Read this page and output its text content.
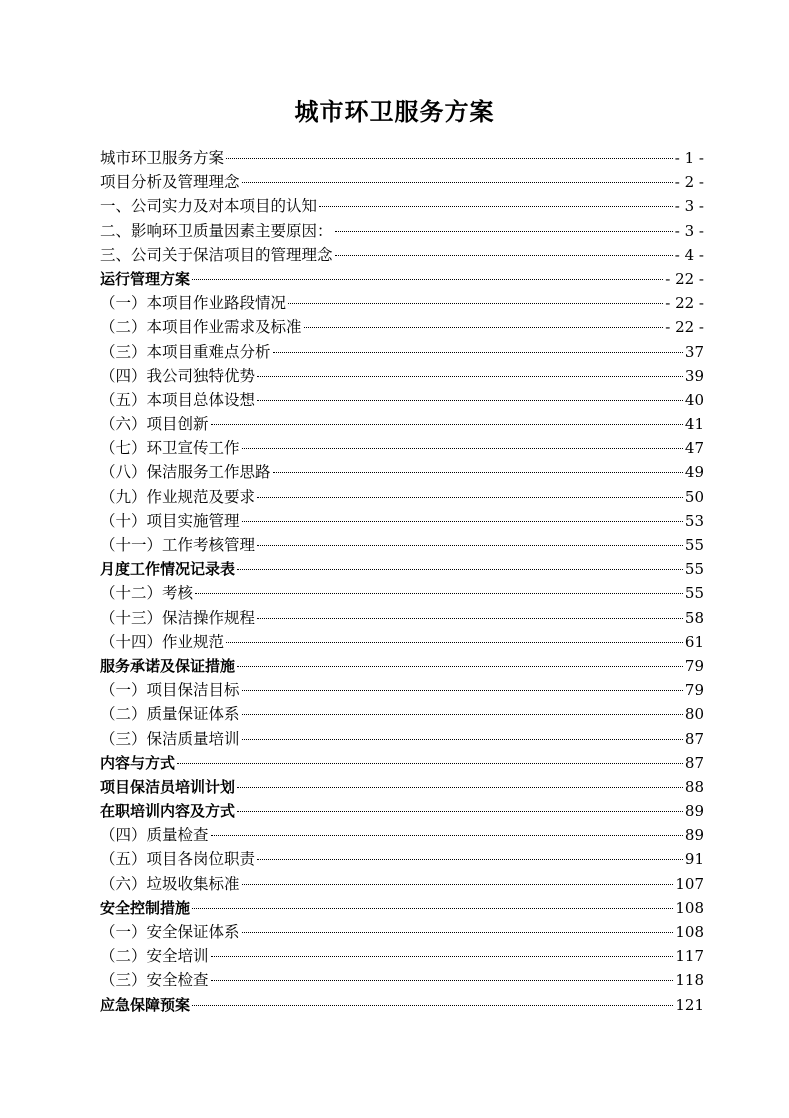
城市环卫服务方案
城市环卫服务方案	- 1 -
项目分析及管理理念	- 2 -
一、公司实力及对本项目的认知	- 3 -
二、影响环卫质量因素主要原因：	- 3 -
三、公司关于保洁项目的管理理念	- 4 -
运行管理方案	- 22 -
（一）本项目作业路段情况	- 22 -
（二）本项目作业需求及标准	- 22 -
（三）本项目重难点分析	37
（四）我公司独特优势	39
（五）本项目总体设想	40
（六）项目创新	41
（七）环卫宣传工作	47
（八）保洁服务工作思路	49
（九）作业规范及要求	50
（十）项目实施管理	53
（十一）工作考核管理	55
月度工作情况记录表	55
（十二）考核	55
（十三）保洁操作规程	58
（十四）作业规范	61
服务承诺及保证措施	79
（一）项目保洁目标	79
（二）质量保证体系	80
（三）保洁质量培训	87
内容与方式	87
项目保洁员培训计划	88
在职培训内容及方式	89
（四）质量检查	89
（五）项目各岗位职责	91
（六）垃圾收集标准	107
安全控制措施	108
（一）安全保证体系	108
（二）安全培训	117
（三）安全检查	118
应急保障预案	121
